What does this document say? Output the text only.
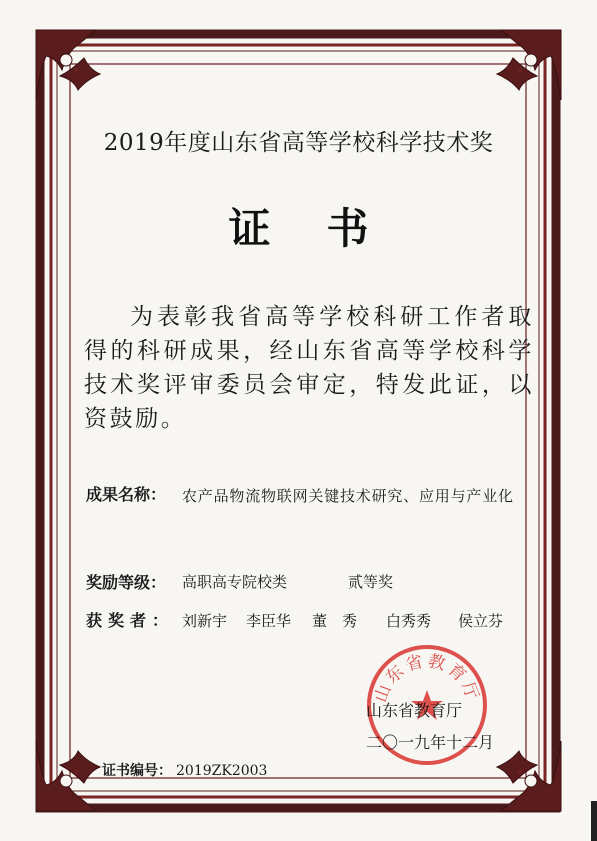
2019年度山东省高等学校科学技术奖
证书
为表彰我省高等学校科研工作者取得的科研成果，经山东省高等学校科学技术奖评审委员会审定，特发此证，以资鼓励。
成果名称： 农产品物流物联网关键技术研究、应用与产业化
奖励等级： 高职高专院校类	贰等奖
获奖者： 刘新宇 李臣华 董　秀 白秀秀 侯立芬
山东省教育厅
山东省教育厅
二〇一九年十二月
证书编号： 2019ZK2003
